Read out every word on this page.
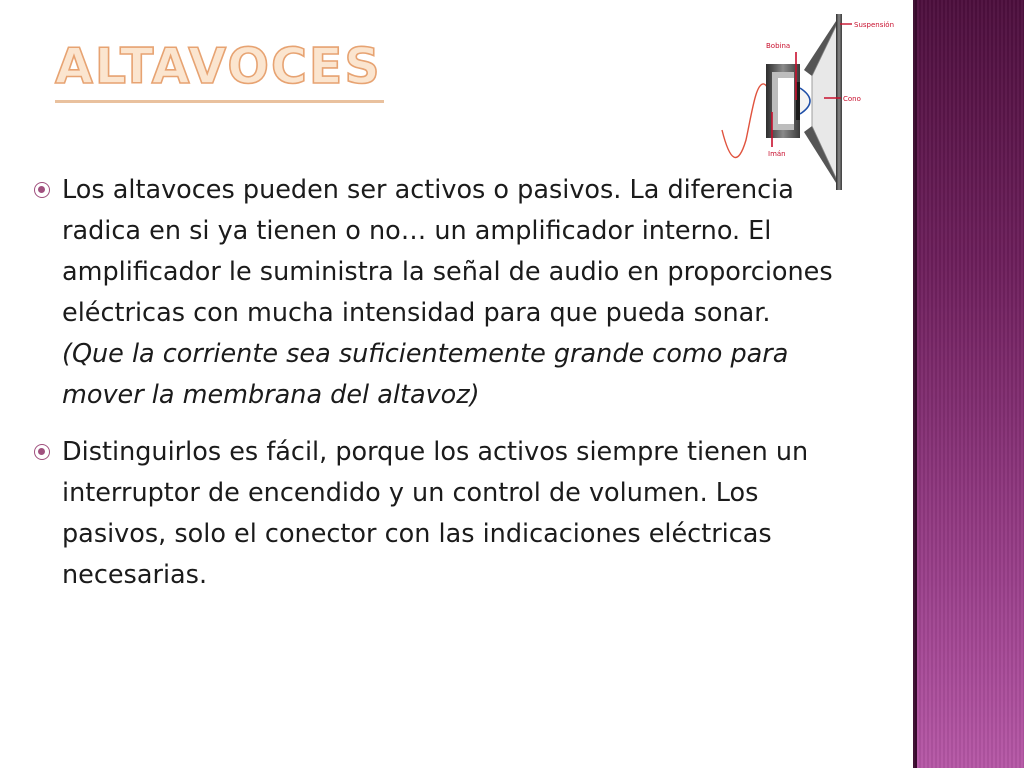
ALTAVOCES
Suspensión
Bobina
Cono
Imán

Los altavoces pueden ser activos o pasivos. La diferencia radica en si ya tienen o no… un amplificador interno. El amplificador le suministra la señal de audio en proporciones eléctricas con mucha intensidad para que pueda sonar. (Que la corriente sea suficientemente grande como para mover la membrana del altavoz)

Distinguirlos es fácil, porque los activos siempre tienen un interruptor de encendido y un control de volumen. Los pasivos, solo el conector con las indicaciones eléctricas necesarias.
